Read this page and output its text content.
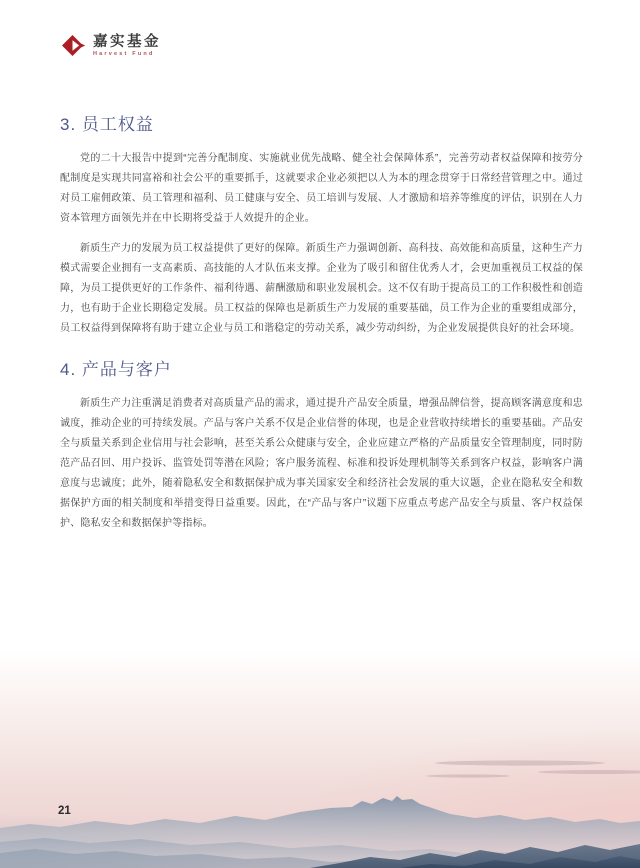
嘉实基金
Harvest Fund
3. 员工权益

党的二十大报告中提到“完善分配制度、实施就业优先战略、健全社会保障体系”，完善劳动者权益保障和按劳分配制度是实现共同富裕和社会公平的重要抓手，这就要求企业必须把以人为本的理念贯穿于日常经营管理之中。通过对员工雇佣政策、员工管理和福利、员工健康与安全、员工培训与发展、人才激励和培养等维度的评估，识别在人力资本管理方面领先并在中长期将受益于人效提升的企业。

新质生产力的发展为员工权益提供了更好的保障。新质生产力强调创新、高科技、高效能和高质量，这种生产力模式需要企业拥有一支高素质、高技能的人才队伍来支撑。企业为了吸引和留住优秀人才，会更加重视员工权益的保障，为员工提供更好的工作条件、福利待遇、薪酬激励和职业发展机会。这不仅有助于提高员工的工作积极性和创造力，也有助于企业长期稳定发展。员工权益的保障也是新质生产力发展的重要基础，员工作为企业的重要组成部分，员工权益得到保障将有助于建立企业与员工和谐稳定的劳动关系，减少劳动纠纷，为企业发展提供良好的社会环境。

4. 产品与客户

新质生产力注重满足消费者对高质量产品的需求，通过提升产品安全质量，增强品牌信誉，提高顾客满意度和忠诚度，推动企业的可持续发展。产品与客户关系不仅是企业信誉的体现，也是企业营收持续增长的重要基础。产品安全与质量关系到企业信用与社会影响，甚至关系公众健康与安全，企业应建立严格的产品质量安全管理制度，同时防范产品召回、用户投诉、监管处罚等潜在风险；客户服务流程、标准和投诉处理机制等关系到客户权益，影响客户满意度与忠诚度；此外，随着隐私安全和数据保护成为事关国家安全和经济社会发展的重大议题，企业在隐私安全和数据保护方面的相关制度和举措变得日益重要。因此，在“产品与客户”议题下应重点考虑产品安全与质量、客户权益保护、隐私安全和数据保护等指标。

21
